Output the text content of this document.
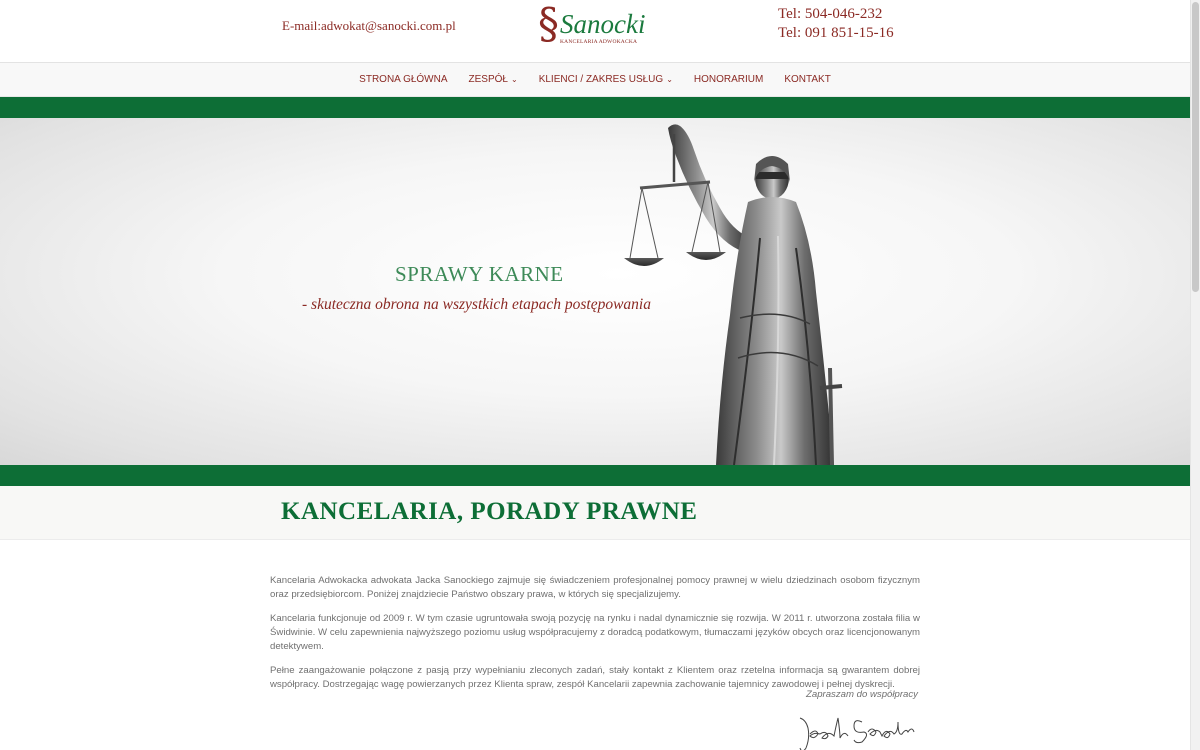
E-mail:adwokat@sanocki.com.pl § Sanocki
KANCELARIA ADWOKACKA
Tel: 504-046-232
Tel: 091 851-15-16
STRONA GŁÓWNA	ZESPÓŁ ⌄	KLIENCI / ZAKRES USŁUG ⌄	HONORARIUM	KONTAKT
SPRAWY KARNE
- skuteczna obrona na wszystkich etapach postępowania
KANCELARIA, PORADY PRAWNE

Kancelaria Adwokacka adwokata Jacka Sanockiego zajmuje się świadczeniem profesjonalnej pomocy prawnej w wielu dziedzinach osobom fizycznym oraz przedsiębiorcom. Poniżej znajdziecie Państwo obszary prawa, w których się specjalizujemy.

Kancelaria funkcjonuje od 2009 r. W tym czasie ugruntowała swoją pozycję na rynku i nadal dynamicznie się rozwija. W 2011 r. utworzona została filia w Świdwinie. W celu zapewnienia najwyższego poziomu usług współpracujemy z doradcą podatkowym, tłumaczami języków obcych oraz licencjonowanym detektywem.

Pełne zaangażowanie połączone z pasją przy wypełnianiu zleconych zadań, stały kontakt z Klientem oraz rzetelna informacja są gwarantem dobrej współpracy. Dostrzegając wagę powierzanych przez Klienta spraw, zespół Kancelarii zapewnia zachowanie tajemnicy zawodowej i pełnej dyskrecji.

Zapraszam do współpracy
